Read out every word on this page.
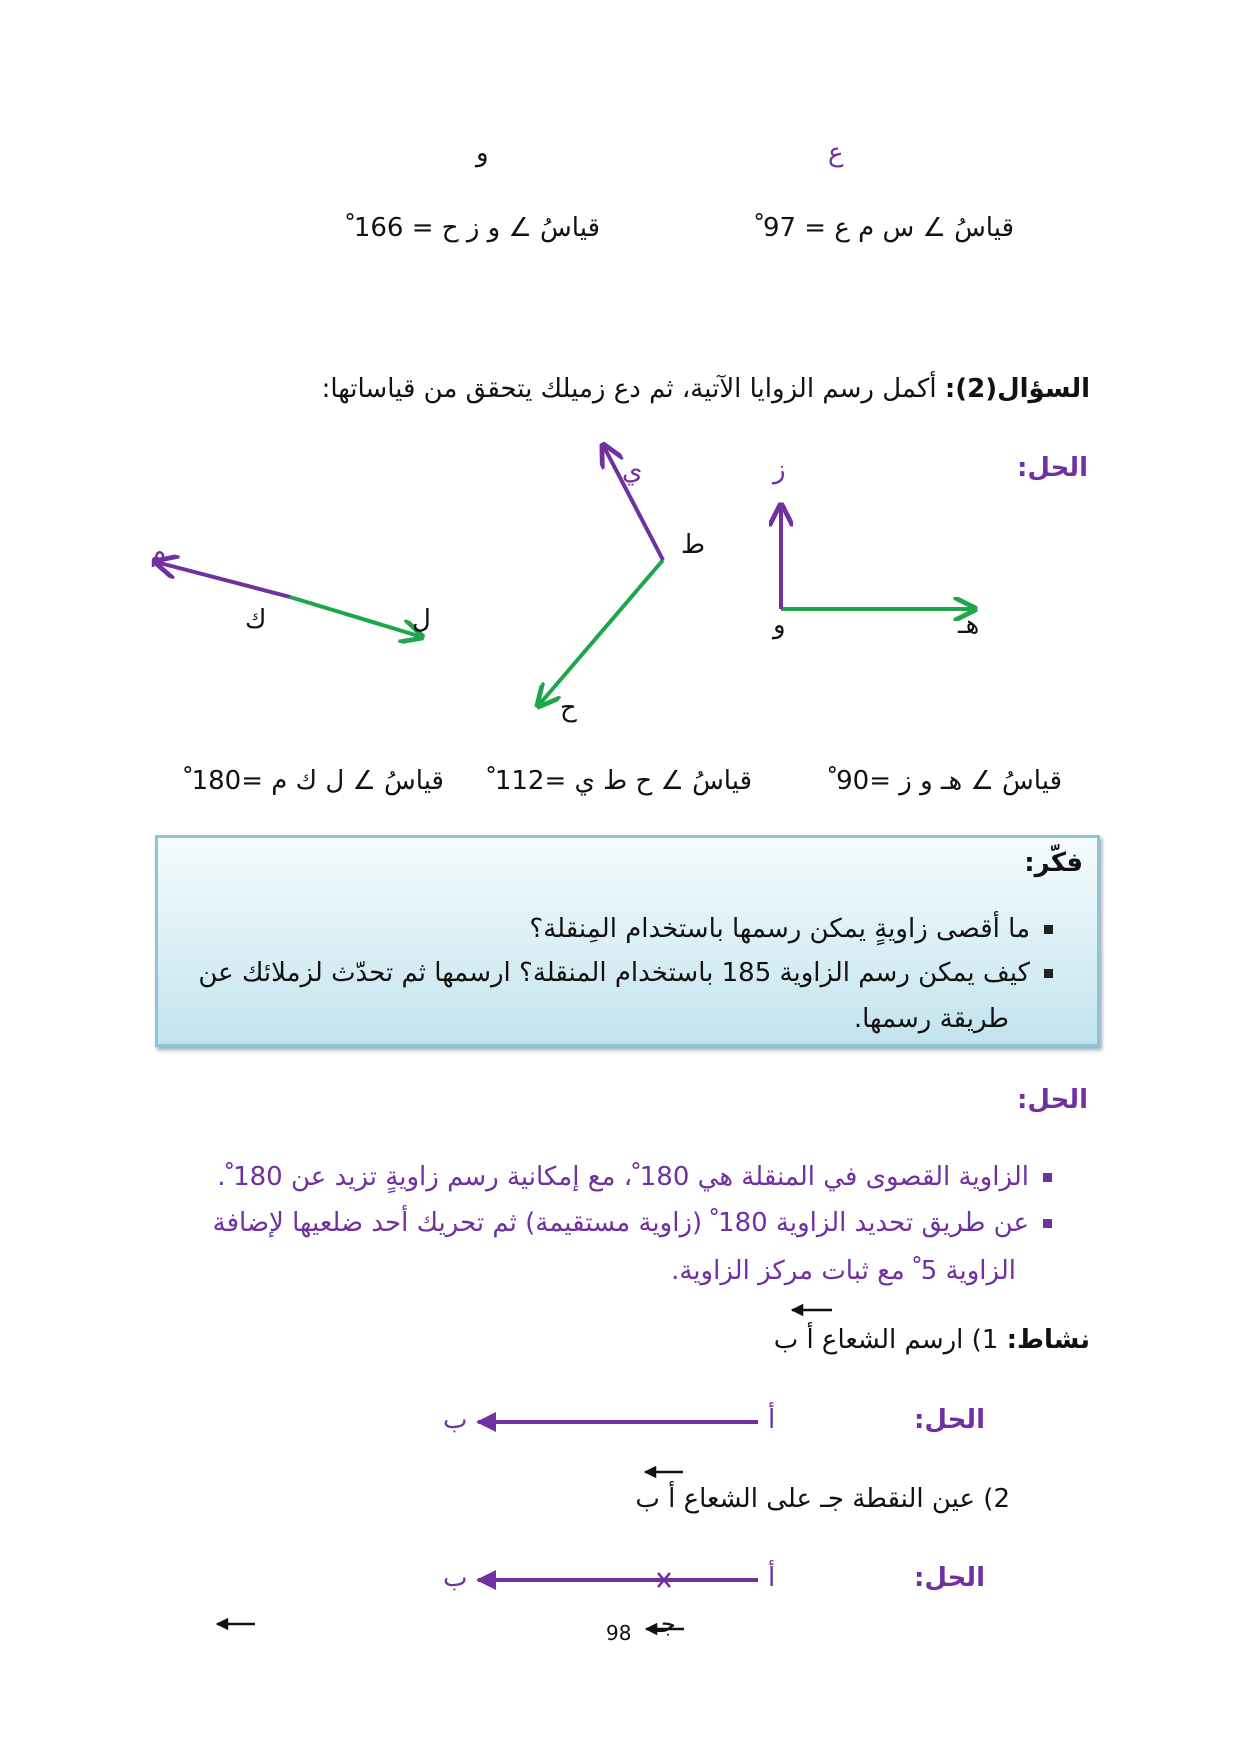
و	ع
قياسُ ∠ و ز ح = 166 ْ	قياسُ ∠ س م ع = 97 ْ
السؤال(2): أكمل رسم الزوايا الآتية، ثم دع زميلك يتحقق من قياساتها:
الحل:
و	هـ
ز
ط
ح
ي
ك	ل
م
قياسُ ∠ هـ و ز =90 ْ
قياسُ ∠ ح ط ي =112 ْ
قياسُ ∠ ل ك م =180 ْ
فكّر:
ما أقصى زاويةٍ يمكن رسمها باستخدام المِنقلة؟
كيف يمكن رسم الزاوية 185 باستخدام المنقلة؟ ارسمها ثم تحدّث لزملائك عن
طريقة رسمها.
الحل:
الزاوية القصوى في المنقلة هي 180 ْ، مع إمكانية رسم زاويةٍ تزيد عن 180 ْ.
عن طريق تحديد الزاوية 180 ْ (زاوية مستقيمة) ثم تحريك أحد ضلعيها لإضافة
الزاوية 5 ْ مع ثبات مركز الزاوية.
نشاط: 1) ارسم الشعاع أ ب
الحل:
أ
ب
2) عين النقطة جـ على الشعاع أ ب
الحل:
أ
ب
جـ
98
